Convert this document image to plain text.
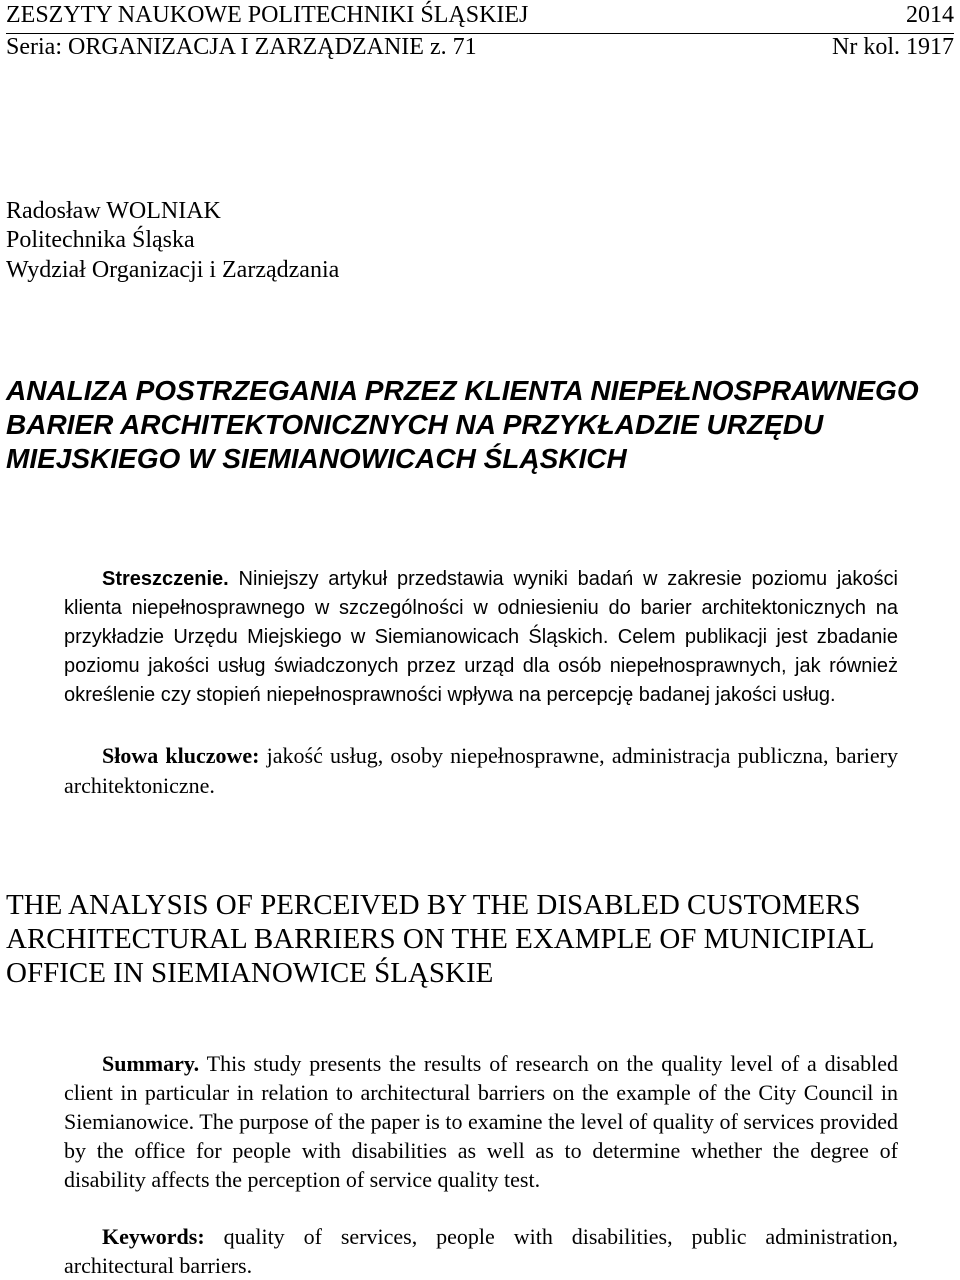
ZESZYTY NAUKOWE POLITECHNIKI ŚLĄSKIEJ	2014
Seria: ORGANIZACJA I ZARZĄDZANIE z. 71	Nr kol. 1917
Radosław WOLNIAK
Politechnika Śląska
Wydział Organizacji i Zarządzania
ANALIZA POSTRZEGANIA PRZEZ KLIENTA NIEPEŁNOSPRAWNEGO BARIER ARCHITEKTONICZNYCH NA PRZYKŁADZIE URZĘDU MIEJSKIEGO W SIEMIANOWICACH ŚLĄSKICH
Streszczenie. Niniejszy artykuł przedstawia wyniki badań w zakresie poziomu jakości klienta niepełnosprawnego w szczególności w odniesieniu do barier architektonicznych na przykładzie Urzędu Miejskiego w Siemianowicach Śląskich. Celem publikacji jest zbadanie poziomu jakości usług świadczonych przez urząd dla osób niepełnosprawnych, jak również określenie czy stopień niepełnosprawności wpływa na percepcję badanej jakości usług.
Słowa kluczowe: jakość usług, osoby niepełnosprawne, administracja publiczna, bariery architektoniczne.
THE ANALYSIS OF PERCEIVED BY THE DISABLED CUSTOMERS ARCHITECTURAL BARRIERS ON THE EXAMPLE OF MUNICIPIAL OFFICE IN SIEMIANOWICE ŚLĄSKIE
Summary. This study presents the results of research on the quality level of a disabled client in particular in relation to architectural barriers on the example of the City Council in Siemianowice. The purpose of the paper is to examine the level of quality of services provided by the office for people with disabilities as well as to determine whether the degree of disability affects the perception of service quality test.
Keywords: quality of services, people with disabilities, public administration, architectural barriers.
